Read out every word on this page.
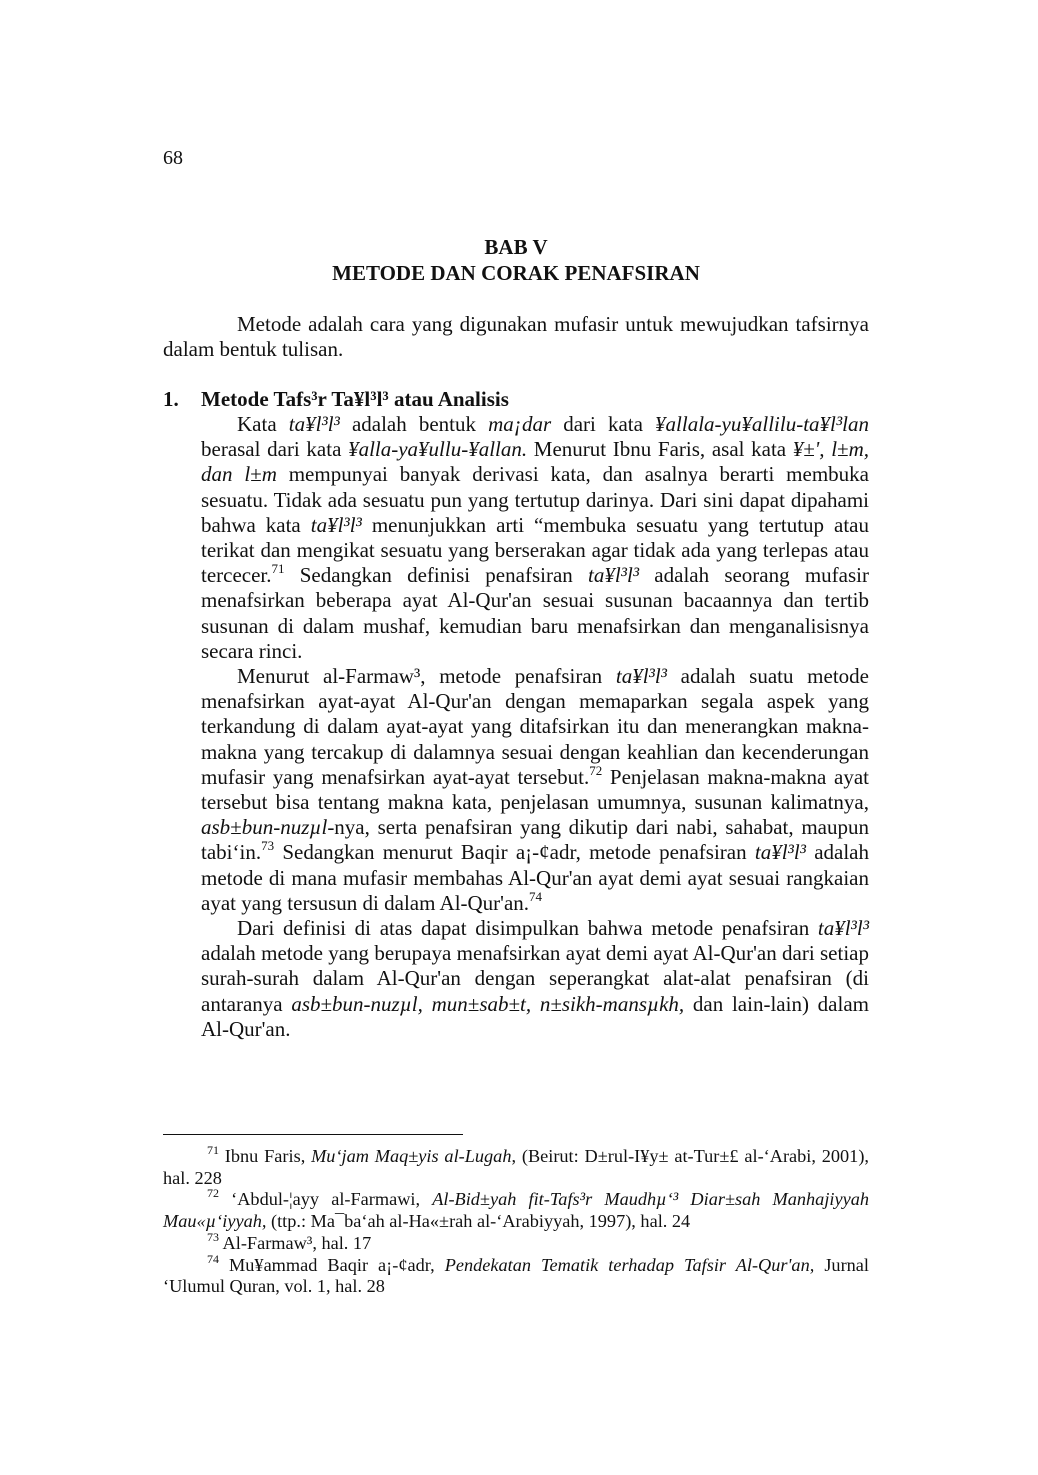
68
BAB V
METODE DAN CORAK PENAFSIRAN

Metode adalah cara yang digunakan mufasir untuk mewujudkan tafsirnya dalam bentuk tulisan.

1. Metode Tafs³r Ta¥l³l³ atau Analisis

Kata ta¥l³l³ adalah bentuk ma¡dar dari kata ¥allala-yu¥allilu-ta¥l³lan berasal dari kata ¥alla-ya¥ullu-¥allan. Menurut Ibnu Faris, asal kata ¥±', l±m, dan l±m mempunyai banyak derivasi kata, dan asalnya berarti membuka sesuatu. Tidak ada sesuatu pun yang tertutup darinya. Dari sini dapat dipahami bahwa kata ta¥l³l³ menunjukkan arti “membuka sesuatu yang tertutup atau terikat dan mengikat sesuatu yang berserakan agar tidak ada yang terlepas atau tercecer.$^{71}$ Sedangkan definisi penafsiran ta¥l³l³ adalah seorang mufasir menafsirkan beberapa ayat Al-Qur'an sesuai susunan bacaannya dan tertib susunan di dalam mushaf, kemudian baru menafsirkan dan menganalisisnya secara rinci.

Menurut al-Farmaw³, metode penafsiran ta¥l³l³ adalah suatu metode menafsirkan ayat-ayat Al-Qur'an dengan memaparkan segala aspek yang terkandung di dalam ayat-ayat yang ditafsirkan itu dan menerangkan makna-makna yang tercakup di dalamnya sesuai dengan keahlian dan kecenderungan mufasir yang menafsirkan ayat-ayat tersebut.$^{72}$ Penjelasan makna-makna ayat tersebut bisa tentang makna kata, penjelasan umumnya, susunan kalimatnya, asb±bun-nuzµl-nya, serta penafsiran yang dikutip dari nabi, sahabat, maupun tabi‘in.$^{73}$ Sedangkan menurut Baqir a¡-¢adr, metode penafsiran ta¥l³l³ adalah metode di mana mufasir membahas Al-Qur'an ayat demi ayat sesuai rangkaian ayat yang tersusun di dalam Al-Qur'an.$^{74}$

Dari definisi di atas dapat disimpulkan bahwa metode penafsiran ta¥l³l³ adalah metode yang berupaya menafsirkan ayat demi ayat Al-Qur'an dari setiap surah-surah dalam Al-Qur'an dengan seperangkat alat-alat penafsiran (di antaranya asb±bun-nuzµl, mun±sab±t, n±sikh-mansµkh, dan lain-lain) dalam Al-Qur'an.

$^{71}$ Ibnu Faris, Mu‘jam Maq±yis al-Lugah, (Beirut: D±rul-I¥y± at-Tur±£ al-‘Arabi, 2001), hal. 228

$^{72}$ ‘Abdul-¦ayy al-Farmawi, Al-Bid±yah fit-Tafs³r Maudhµ‘³ Diar±sah Manhajiyyah Mau«µ‘iyyah, (ttp.: Ma¯ba‘ah al-Ha«±rah al-‘Arabiyyah, 1997), hal. 24

$^{73}$ Al-Farmaw³, hal. 17

$^{74}$ Mu¥ammad Baqir a¡-¢adr, Pendekatan Tematik terhadap Tafsir Al-Qur'an, Jurnal ‘Ulumul Quran, vol. 1, hal. 28
